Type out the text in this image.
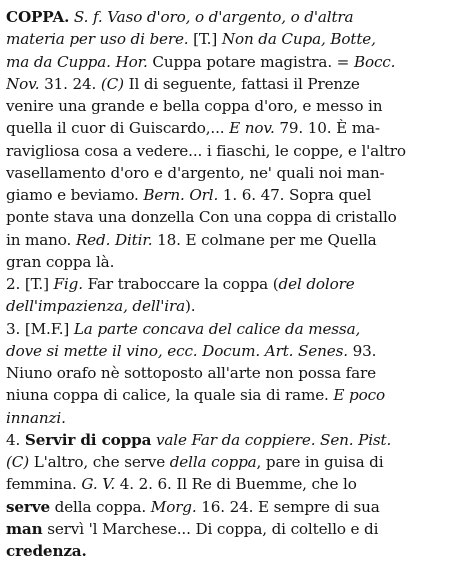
COPPA. S. f. Vaso d'oro, o d'argento, o d'altra
materia per uso di bere. [T.] Non da Cupa, Botte,
ma da Cuppa. Hor. Cuppa potare magistra. = Bocc.
Nov. 31. 24. (C) Il di seguente, fattasi il Prenze
venire una grande e bella coppa d'oro, e messo in
quella il cuor di Guiscardo,... E nov. 79. 10. È ma-
ravigliosa cosa a vedere... i fiaschi, le coppe, e l'altro
vasellamento d'oro e d'argento, ne' quali noi man-
giamo e beviamo. Bern. Orl. 1. 6. 47. Sopra quel
ponte stava una donzella Con una coppa di cristallo
in mano. Red. Ditir. 18. E colmane per me Quella
gran coppa là.
2. [T.] Fig. Far traboccare la coppa (del dolore
dell'impazienza, dell'ira).
3. [M.F.] La parte concava del calice da messa,
dove si mette il vino, ecc. Docum. Art. Senes. 93.
Niuno orafo nè sottoposto all'arte non possa fare
niuna coppa di calice, la quale sia di rame. E poco
innanzi.
4. Servir di coppa vale Far da coppiere. Sen. Pist.
(C) L'altro, che serve della coppa, pare in guisa di
femmina. G. V. 4. 2. 6. Il Re di Buemme, che lo
serve della coppa. Morg. 16. 24. E sempre di sua
man servì 'l Marchese... Di coppa, di coltello e di
credenza.
